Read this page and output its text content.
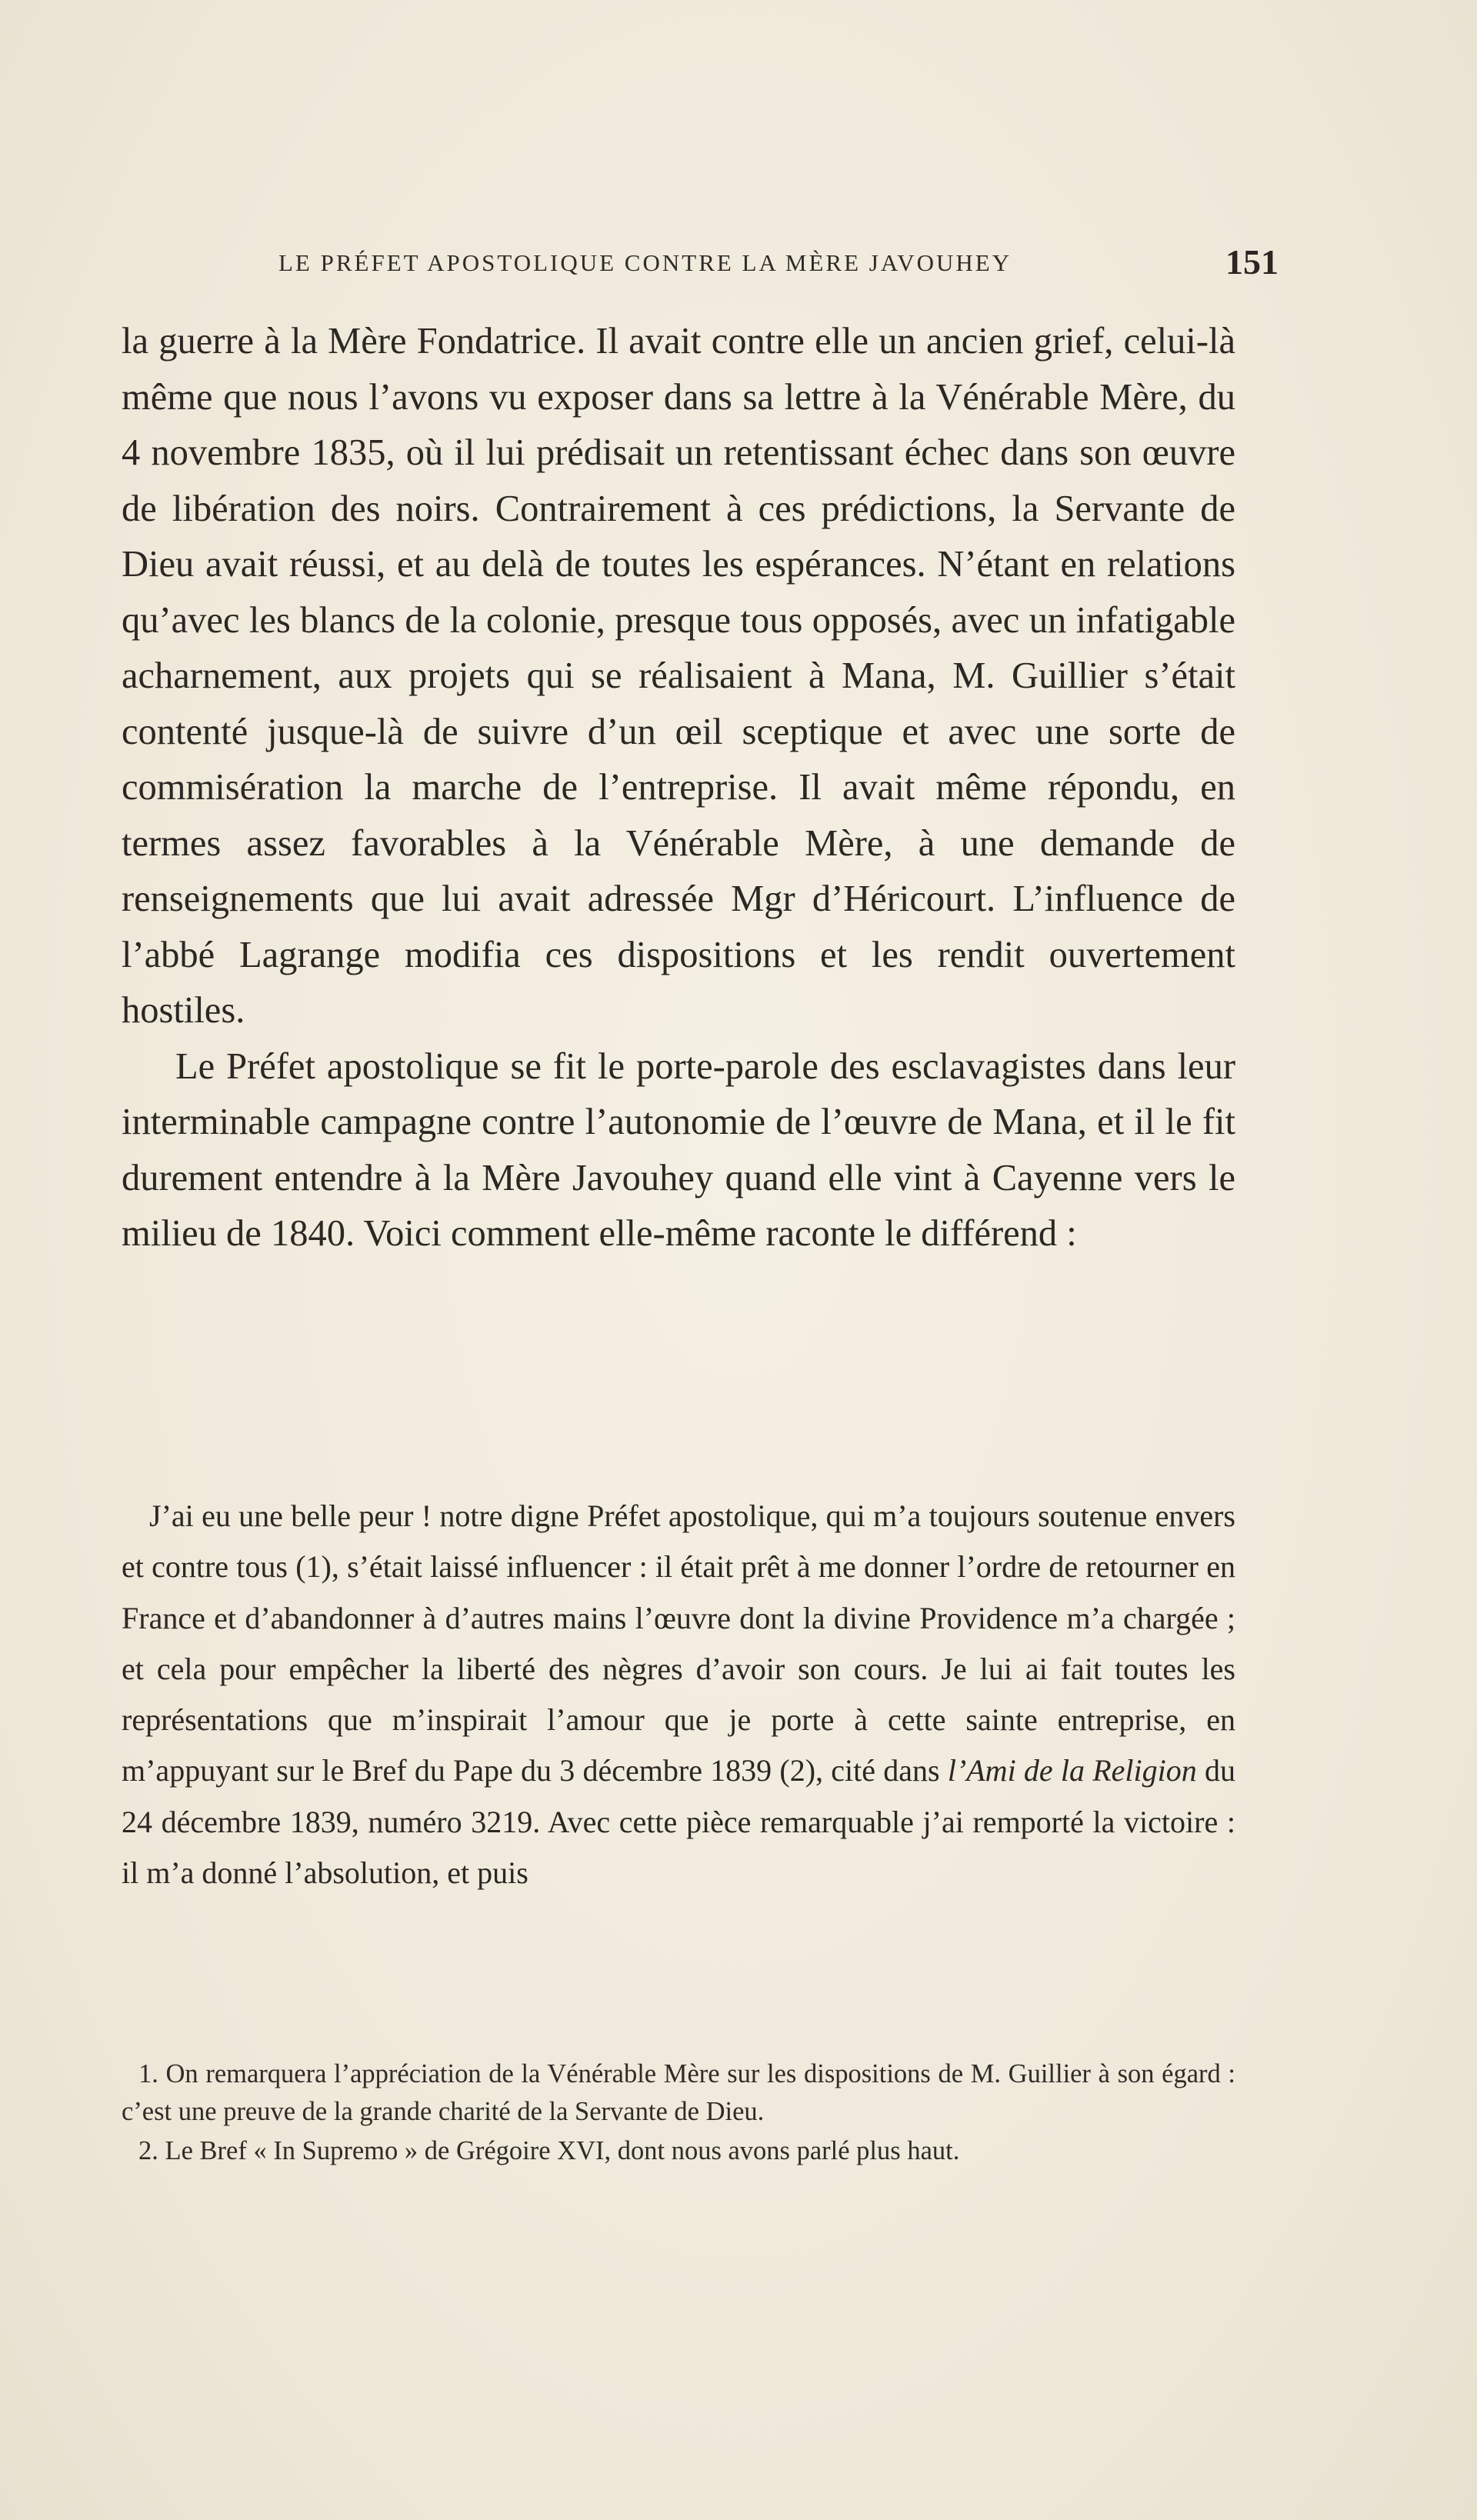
LE PRÉFET APOSTOLIQUE CONTRE LA MÈRE JAVOUHEY	151

la guerre à la Mère Fondatrice. Il avait contre elle un ancien grief, celui-là même que nous l’avons vu exposer dans sa lettre à la Vénérable Mère, du 4 novembre 1835, où il lui prédisait un retentissant échec dans son œuvre de libération des noirs. Contrairement à ces prédictions, la Servante de Dieu avait réussi, et au delà de toutes les espérances. N’étant en relations qu’avec les blancs de la colonie, presque tous opposés, avec un infatigable acharnement, aux projets qui se réalisaient à Mana, M. Guillier s’était contenté jusque-là de suivre d’un œil sceptique et avec une sorte de commisération la marche de l’entreprise. Il avait même répondu, en termes assez favorables à la Vénérable Mère, à une demande de renseignements que lui avait adressée Mgr d’Héricourt. L’influence de l’abbé Lagrange modifia ces dispositions et les rendit ouvertement hostiles.

Le Préfet apostolique se fit le porte-parole des esclavagistes dans leur interminable campagne contre l’autonomie de l’œuvre de Mana, et il le fit durement entendre à la Mère Javouhey quand elle vint à Cayenne vers le milieu de 1840. Voici comment elle-même raconte le différend :

J’ai eu une belle peur ! notre digne Préfet apostolique, qui m’a toujours soutenue envers et contre tous (1), s’était laissé influencer : il était prêt à me donner l’ordre de retourner en France et d’abandonner à d’autres mains l’œuvre dont la divine Providence m’a chargée ; et cela pour empêcher la liberté des nègres d’avoir son cours. Je lui ai fait toutes les représentations que m’inspirait l’amour que je porte à cette sainte entreprise, en m’appuyant sur le Bref du Pape du 3 décembre 1839 (2), cité dans l’Ami de la Religion du 24 décembre 1839, numéro 3219. Avec cette pièce remarquable j’ai remporté la victoire : il m’a donné l’absolution, et puis

1. On remarquera l’appréciation de la Vénérable Mère sur les dispositions de M. Guillier à son égard : c’est une preuve de la grande charité de la Servante de Dieu.

2. Le Bref « In Supremo » de Grégoire XVI, dont nous avons parlé plus haut.
